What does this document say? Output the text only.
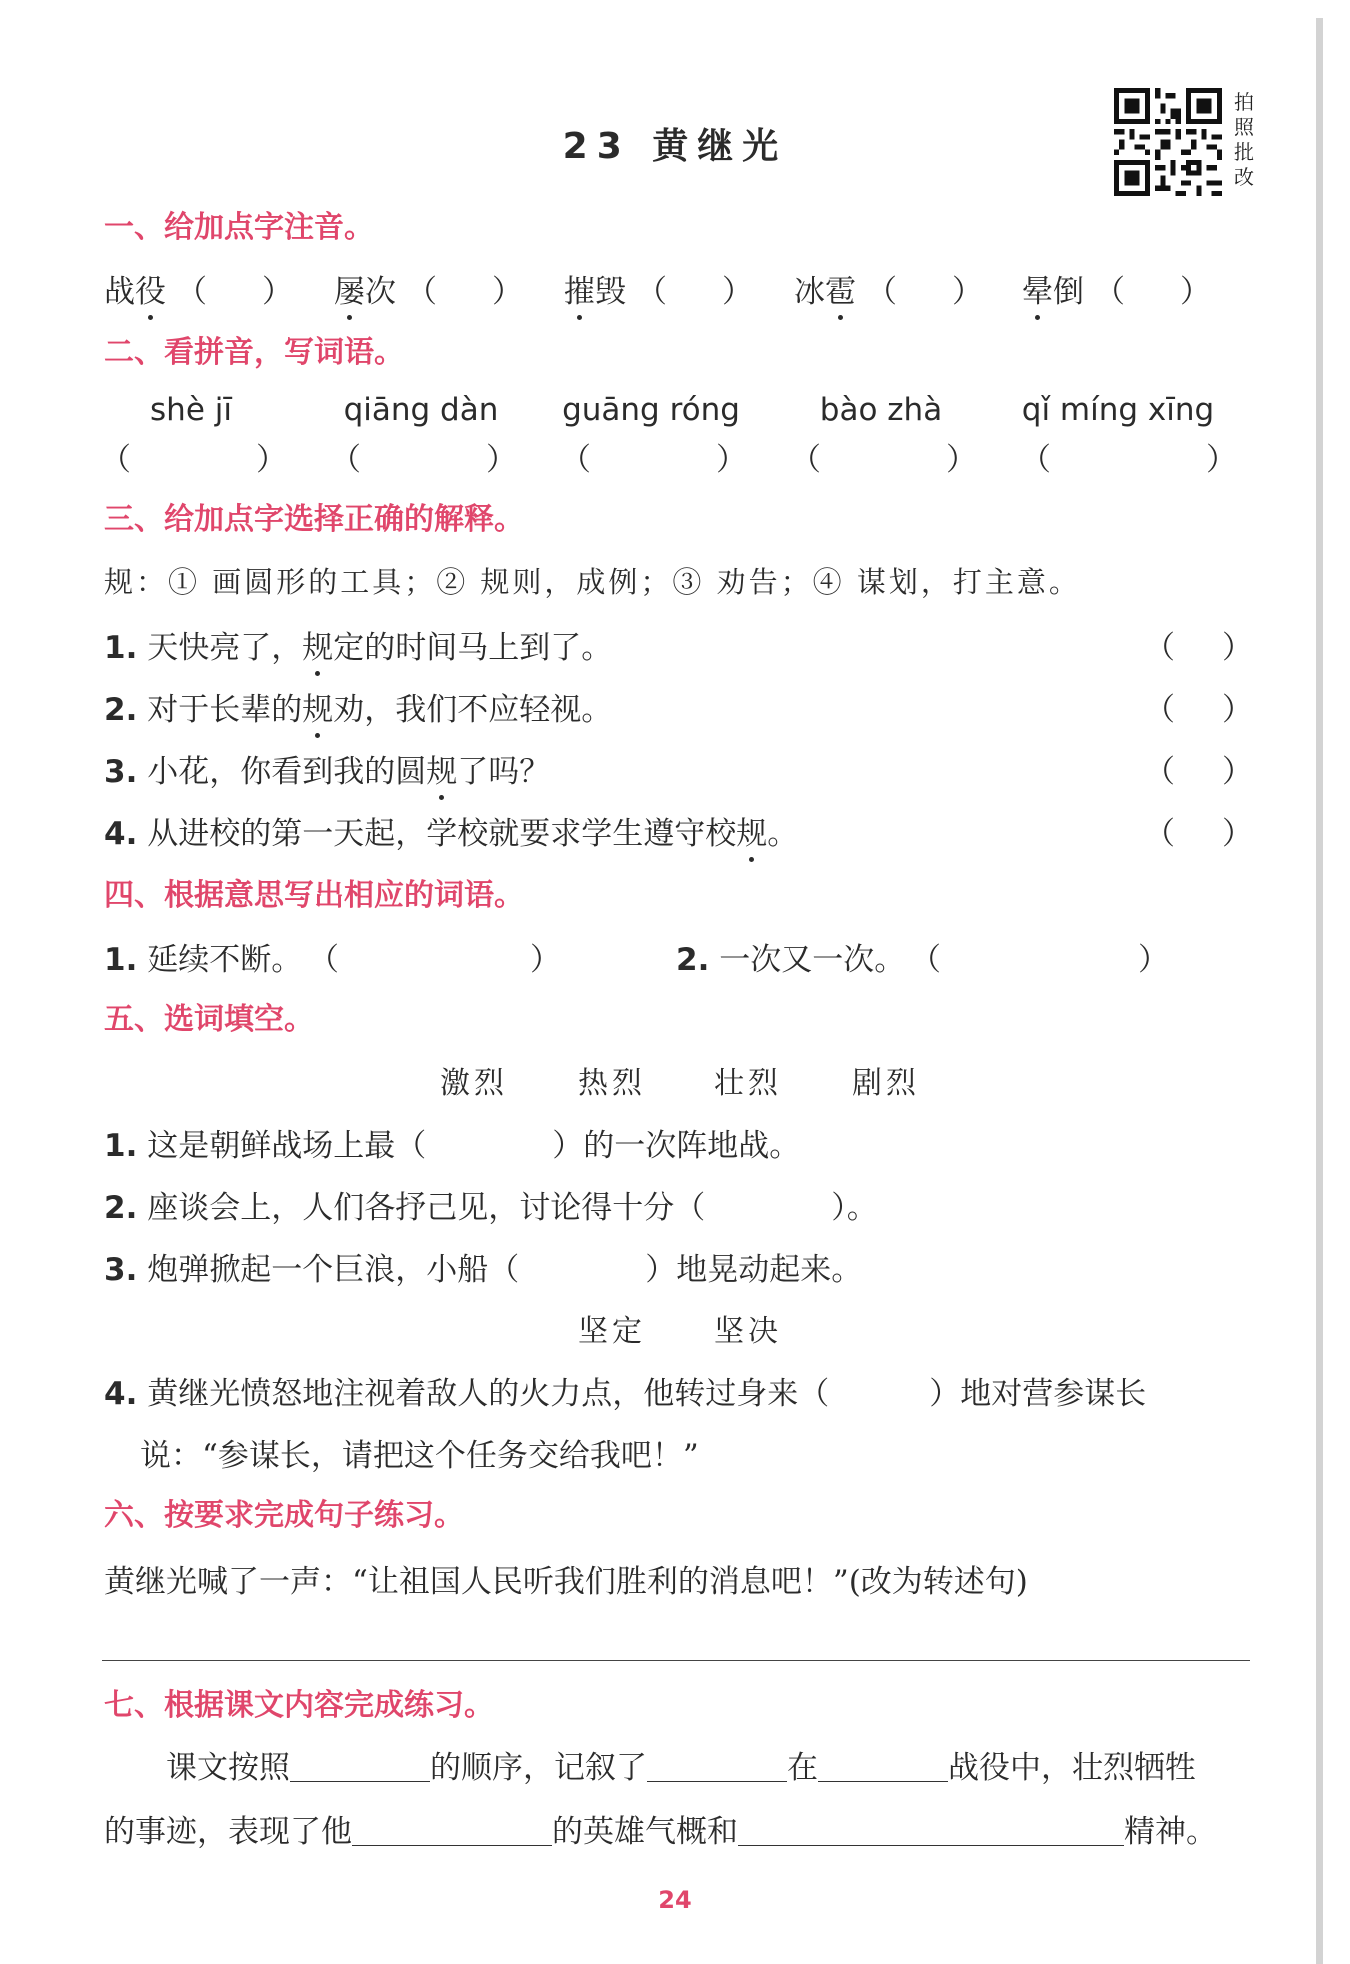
23 黄继光
拍
照
批
改
一、给加点字注音。
战役 （ ） 屡次 （ ） 摧毁 （ ） 冰雹 （ ） 晕倒 （ ）
二、看拼音，写词语。
shè jī	qiāng dàn	guāng róng	bào zhà	qǐ míng xīng
（	） （	） （	） （	） （	）
三、给加点字选择正确的解释。
规：① 画圆形的工具；② 规则，成例；③ 劝告；④ 谋划，打主意。
1. 天快亮了，规定的时间马上到了。	（ ）
2. 对于长辈的规劝，我们不应轻视。	（ ）
3. 小花，你看到我的圆规了吗？	（ ）
4. 从进校的第一天起，学校就要求学生遵守校规。	（ ）
四、根据意思写出相应的词语。
1. 延续不断。 （	）	2. 一次又一次。 （	）
五、选词填空。
激烈 热烈 壮烈 剧烈
1. 这是朝鲜战场上最（	）的一次阵地战。
2. 座谈会上，人们各抒己见，讨论得十分（	）。
3. 炮弹掀起一个巨浪，小船（	）地晃动起来。
坚定 坚决
4. 黄继光愤怒地注视着敌人的火力点，他转过身来（	）地对营参谋长
说：“参谋长，请把这个任务交给我吧！”
六、按要求完成句子练习。
黄继光喊了一声：“让祖国人民听我们胜利的消息吧！”(改为转述句)
七、根据课文内容完成练习。
课文按照	的顺序，记叙了	在	战役中，壮烈牺牲
的事迹，表现了他	的英雄气概和	精神。
24
